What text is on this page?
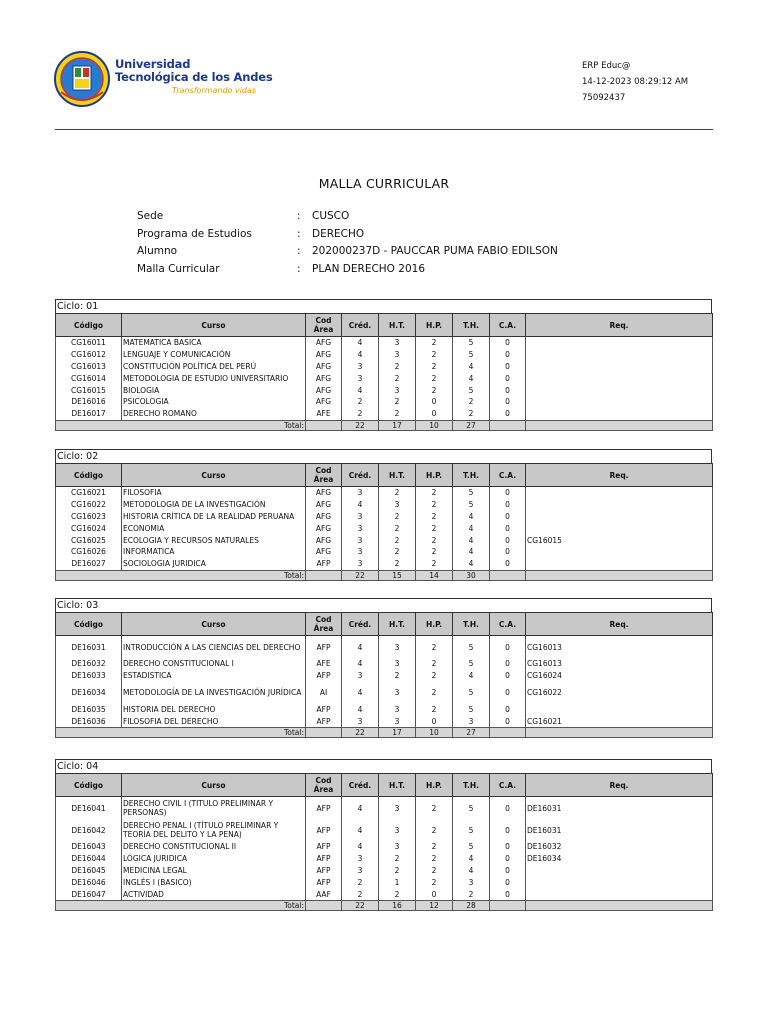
Universidad
Tecnológica de los Andes
Transformando vidas
ERP Educ@
14-12-2023 08:29:12 AM
75092437
MALLA CURRICULAR
Sede	: CUSCO
Programa de Estudios	: DERECHO
Alumno	: 202000237D - PAUCCAR PUMA FABIO EDILSON
Malla Curricular	: PLAN DERECHO 2016
Ciclo: 01
Código	Curso	Cod Área	Créd.	H.T.	H.P.	T.H.	C.A.	Req.
CG16011	MATEMATICA BASICA	AFG	4	3	2	5	0	
CG16012	LENGUAJE Y COMUNICACIÓN	AFG	4	3	2	5	0	
CG16013	CONSTITUCIÓN POLÍTICA DEL PERÚ	AFG	3	2	2	4	0	
CG16014	METODOLOGIA DE ESTUDIO UNIVERSITARIO	AFG	3	2	2	4	0	
CG16015	BIOLOGIA	AFG	4	3	2	5	0	
DE16016	PSICOLOGIA	AFG	2	2	0	2	0	
DE16017	DERECHO ROMANO	AFE	2	2	0	2	0	
Total:			22	17	10	27		
Ciclo: 02
Código	Curso	Cod Área	Créd.	H.T.	H.P.	T.H.	C.A.	Req.
CG16021	FILOSOFIA	AFG	3	2	2	5	0	
CG16022	METODOLOGIA DE LA INVESTIGACIÓN	AFG	4	3	2	5	0	
CG16023	HISTORIA CRÍTICA DE LA REALIDAD PERUANA	AFG	3	2	2	4	0	
CG16024	ECONOMIA	AFG	3	2	2	4	0	
CG16025	ECOLOGIA Y RECURSOS NATURALES	AFG	3	2	2	4	0	CG16015
CG16026	INFORMATICA	AFG	3	2	2	4	0	
DE16027	SOCIOLOGIA JURIDICA	AFP	3	2	2	4	0	
Total:			22	15	14	30		
Ciclo: 03
Código	Curso	Cod Área	Créd.	H.T.	H.P.	T.H.	C.A.	Req.
DE16031	INTRODUCCIÓN A LAS CIENCIAS DEL DERECHO	AFP	4	3	2	5	0	CG16013
DE16032	DERECHO CONSTITUCIONAL I	AFE	4	3	2	5	0	CG16013
DE16033	ESTADISTICA	AFP	3	2	2	4	0	CG16024
DE16034	METODOLOGÍA DE LA INVESTIGACIÓN JURÍDICA	AI	4	3	2	5	0	CG16022
DE16035	HISTORIA DEL DERECHO	AFP	4	3	2	5	0	
DE16036	FILOSOFIA DEL DERECHO	AFP	3	3	0	3	0	CG16021
Total:			22	17	10	27		
Ciclo: 04
Código	Curso	Cod Área	Créd.	H.T.	H.P.	T.H.	C.A.	Req.
DE16041	DERECHO CIVIL I (TITULO PRELIMINAR Y PERSONAS)	AFP	4	3	2	5	0	DE16031
DE16042	DERECHO PENAL I (TÍTULO PRELIMINAR Y TEORÍA DEL DELITO Y LA PENA)	AFP	4	3	2	5	0	DE16031
DE16043	DERECHO CONSTITUCIONAL II	AFP	4	3	2	5	0	DE16032
DE16044	LÓGICA JURIDICA	AFP	3	2	2	4	0	DE16034
DE16045	MEDICINA LEGAL	AFP	3	2	2	4	0	
DE16046	INGLÉS I (BASICO)	AFP	2	1	2	3	0	
DE16047	ACTIVIDAD	AAF	2	2	0	2	0	
Total:			22	16	12	28		
